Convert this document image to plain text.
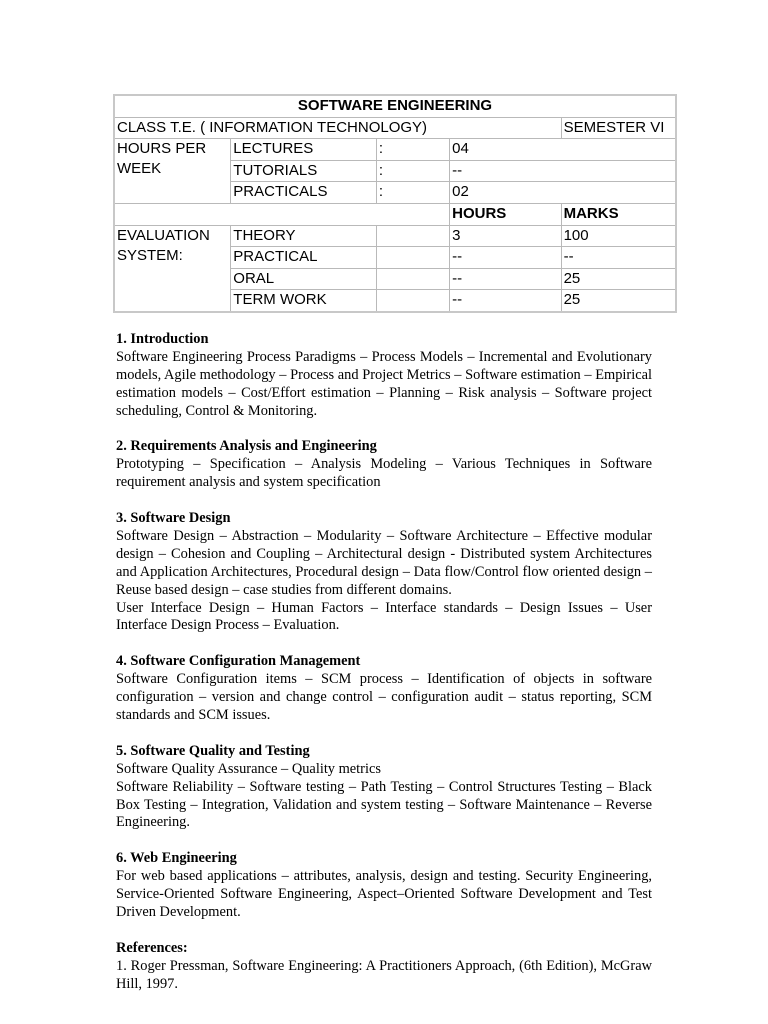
SOFTWARE ENGINEERING				
CLASS T.E. ( INFORMATION TECHNOLOGY)				SEMESTER VI
HOURS PER
WEEK	LECTURES	:	04	
	TUTORIALS	:	--	
	PRACTICALS	:	02	
			HOURS	MARKS
EVALUATION
SYSTEM:	THEORY		3	100
	PRACTICAL		--	--
	ORAL		--	25
	TERM WORK		--	25
1. Introduction

Software Engineering Process Paradigms – Process Models – Incremental and Evolutionary models, Agile methodology – Process and Project Metrics – Software estimation – Empirical estimation models – Cost/Effort estimation – Planning – Risk analysis – Software project scheduling, Control & Monitoring.

2. Requirements Analysis and Engineering

Prototyping – Specification – Analysis Modeling – Various Techniques in Software requirement analysis and system specification

3. Software Design

Software Design – Abstraction – Modularity – Software Architecture – Effective modular design – Cohesion and Coupling – Architectural design - Distributed system Architectures and Application Architectures, Procedural design – Data flow/Control flow oriented design – Reuse based design – case studies from different domains.

User Interface Design – Human Factors – Interface standards – Design Issues – User Interface Design Process – Evaluation.

4. Software Configuration Management

Software Configuration items – SCM process – Identification of objects in software configuration – version and change control – configuration audit – status reporting, SCM standards and SCM issues.

5. Software Quality and Testing

Software Quality Assurance – Quality metrics

Software Reliability – Software testing – Path Testing – Control Structures Testing – Black Box Testing – Integration, Validation and system testing – Software Maintenance – Reverse Engineering.

6. Web Engineering

For web based applications – attributes, analysis, design and testing. Security Engineering, Service-Oriented Software Engineering, Aspect–Oriented Software Development and Test Driven Development.

References:

1. Roger Pressman, Software Engineering: A Practitioners Approach, (6th Edition), McGraw Hill, 1997.
